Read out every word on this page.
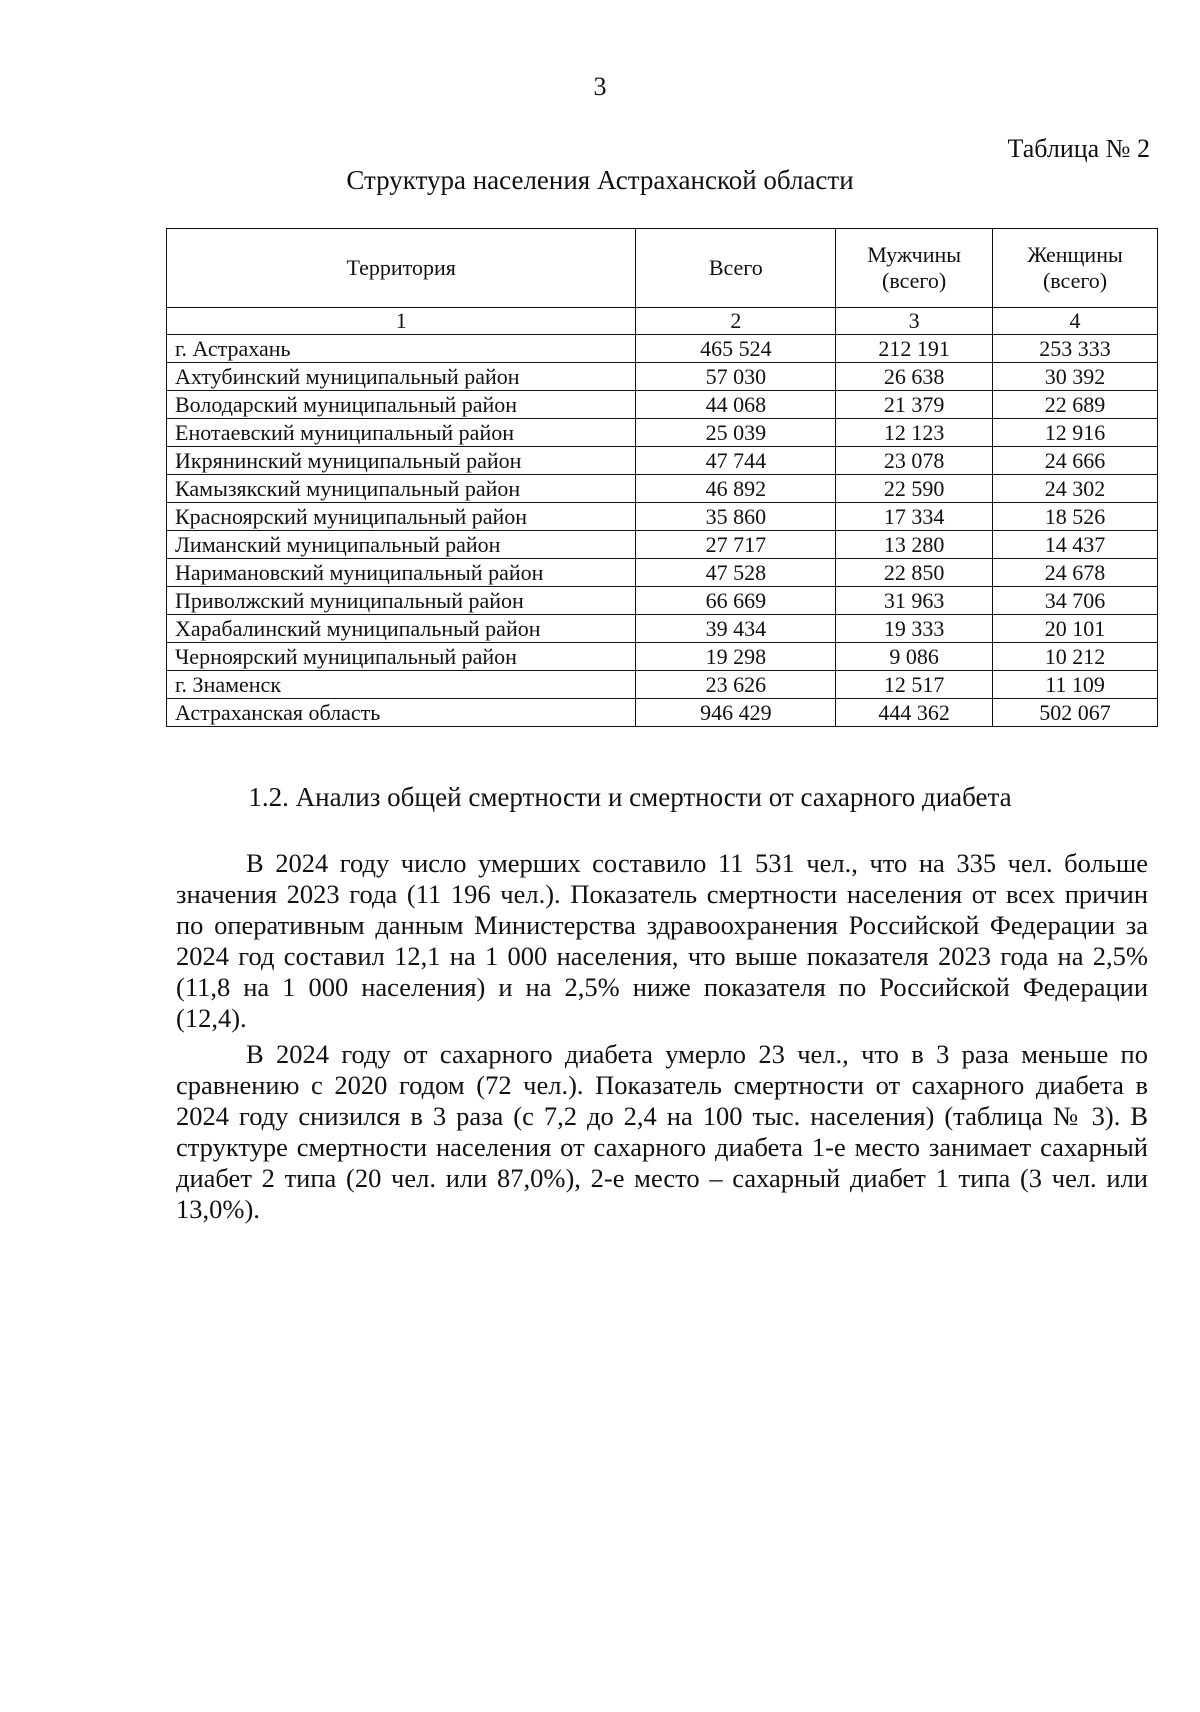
3
Таблица № 2
Структура населения Астраханской области
Территория	Всего	Мужчины (всего)	Женщины (всего)
1	2	3	4
г. Астрахань	465 524	212 191	253 333
Ахтубинский муниципальный район	57 030	26 638	30 392
Володарский муниципальный район	44 068	21 379	22 689
Енотаевский муниципальный район	25 039	12 123	12 916
Икрянинский муниципальный район	47 744	23 078	24 666
Камызякский муниципальный район	46 892	22 590	24 302
Красноярский муниципальный район	35 860	17 334	18 526
Лиманский муниципальный район	27 717	13 280	14 437
Наримановский муниципальный район	47 528	22 850	24 678
Приволжский муниципальный район	66 669	31 963	34 706
Харабалинский муниципальный район	39 434	19 333	20 101
Черноярский муниципальный район	19 298	9 086	10 212
г. Знаменск	23 626	12 517	11 109
Астраханская область	946 429	444 362	502 067
1.2. Анализ общей смертности и смертности от сахарного диабета

В 2024 году число умерших составило 11 531 чел., что на 335 чел. больше значения 2023 года (11 196 чел.). Показатель смертности населения от всех причин по оперативным данным Министерства здравоохранения Российской Федерации за 2024 год составил 12,1 на 1 000 населения, что выше показателя 2023 года на 2,5% (11,8 на 1 000 населения) и на 2,5% ниже показателя по Российской Федерации (12,4).

В 2024 году от сахарного диабета умерло 23 чел., что в 3 раза меньше по сравнению с 2020 годом (72 чел.). Показатель смертности от сахарного диабета в 2024 году снизился в 3 раза (с 7,2 до 2,4 на 100 тыс. населения) (таблица № 3). В структуре смертности населения от сахарного диабета 1-е место занимает сахарный диабет 2 типа (20 чел. или 87,0%), 2-е место – сахарный диабет 1 типа (3 чел. или 13,0%).
